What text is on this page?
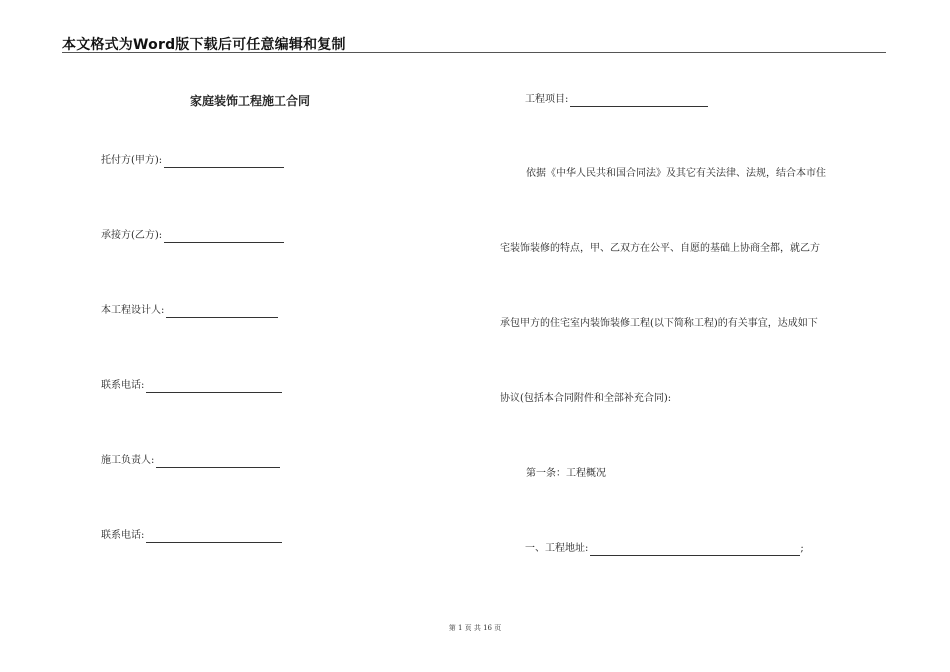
本文格式为Word版下载后可任意编辑和复制
家庭装饰工程施工合同
托付方(甲方):
承接方(乙方):
本工程设计人:
联系电话:
施工负责人:
联系电话:
工程项目:
依据《中华人民共和国合同法》及其它有关法律、法规，结合本市住
宅装饰装修的特点，甲、乙双方在公平、自愿的基础上协商全都，就乙方
承包甲方的住宅室内装饰装修工程(以下简称工程)的有关事宜，达成如下
协议(包括本合同附件和全部补充合同):
第一条：工程概况
一、工程地址:	;
第 1 页 共 16 页
